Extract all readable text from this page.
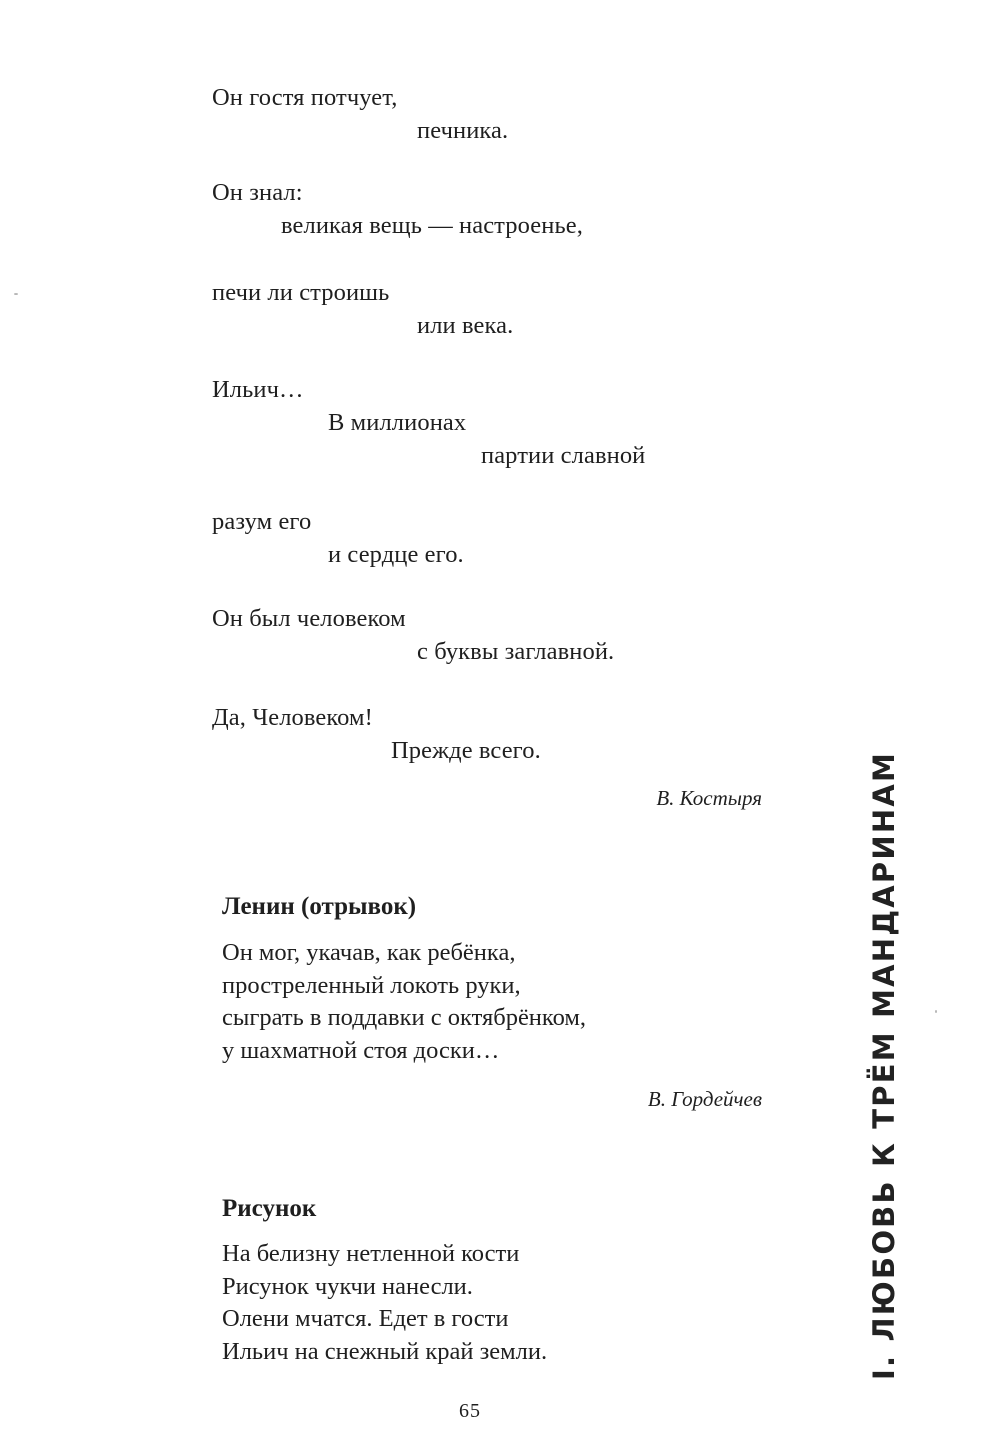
Он гостя потчует,
печника.
Он знал:
великая вещь — настроенье,
печи ли строишь
или века.
Ильич…
В миллионах
партии славной
разум его
и сердце его.
Он был человеком
с буквы заглавной.
Да, Человеком!
Прежде всего.
В. Костыря
Ленин (отрывок)
Он мог, укачав, как ребёнка,
простреленный локоть руки,
сыграть в поддавки с октябрёнком,
у шахматной стоя доски…
В. Гордейчев
Рисунок
На белизну нетленной кости
Рисунок чукчи нанесли.
Олени мчатся. Едет в гости
Ильич на снежный край земли.	I. ЛЮБОВЬ К ТРЁМ МАНДАРИНАМ
65
